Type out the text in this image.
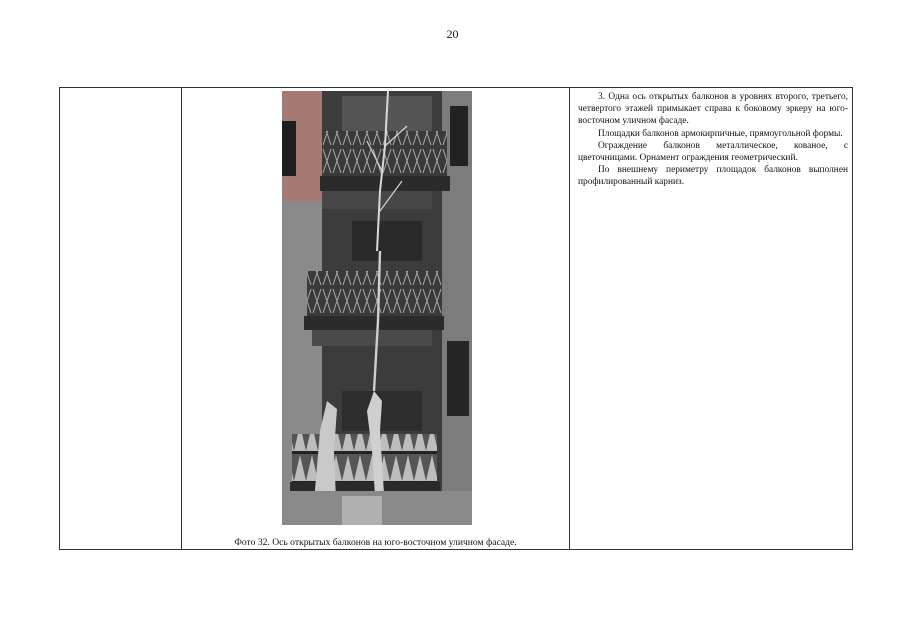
20
Фото 32. Ось открытых балконов на юго-восточном уличном фасаде.

3. Одна ось открытых балконов в уровнях второго, третьего, четвертого этажей примыкает справа к боковому эркеру на юго-восточном уличном фасаде.

Площадки балконов армокирпичные, прямоугольной формы.

Ограждение балконов металлическое, кованое, с цветочницами. Орнамент ограждения геометрический.

По внешнему периметру площадок балконов выполнен профилированный карниз.
